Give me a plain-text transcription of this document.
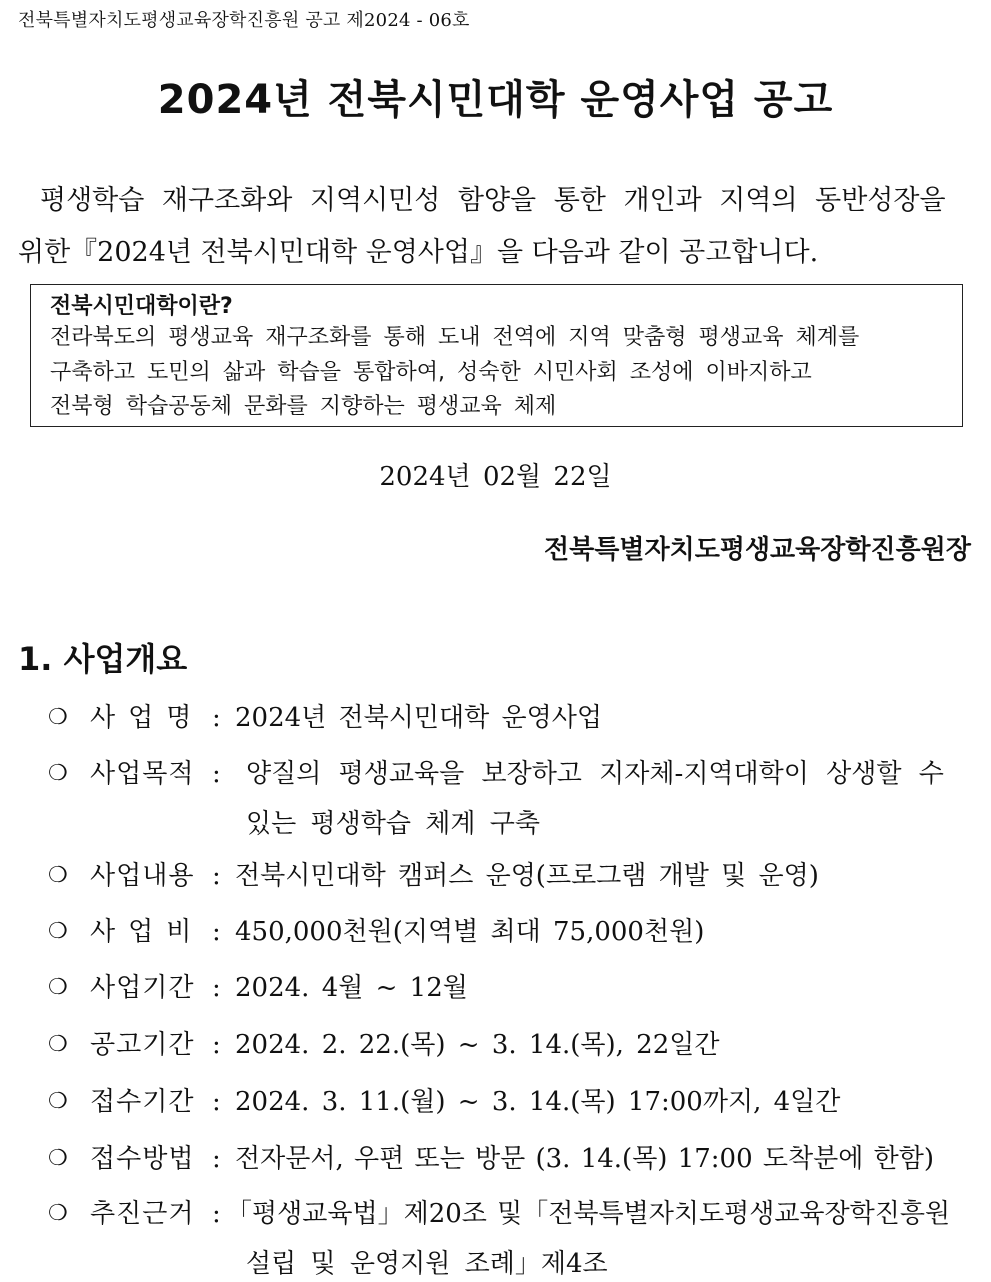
전북특별자치도평생교육장학진흥원 공고 제2024 - 06호
2024년 전북시민대학 운영사업 공고
평생학습 재구조화와 지역시민성 함양을 통한 개인과 지역의 동반성장을
위한『2024년 전북시민대학 운영사업』을 다음과 같이 공고합니다.
전북시민대학이란?
전라북도의 평생교육 재구조화를 통해 도내 전역에 지역 맞춤형 평생교육 체계를
구축하고 도민의 삶과 학습을 통합하여, 성숙한 시민사회 조성에 이바지하고
전북형 학습공동체 문화를 지향하는 평생교육 체제
2024년 02월 22일
전북특별자치도평생교육장학진흥원장
1. 사업개요
❍ 사업명 : 2024년 전북시민대학 운영사업
❍ 사업목적 : 양질의 평생교육을 보장하고 지자체-지역대학이 상생할 수
있는 평생학습 체계 구축
❍ 사업내용 : 전북시민대학 캠퍼스 운영(프로그램 개발 및 운영)
❍ 사업비 : 450,000천원(지역별 최대 75,000천원)
❍ 사업기간 : 2024. 4월 ~ 12월
❍ 공고기간 : 2024. 2. 22.(목) ~ 3. 14.(목), 22일간
❍ 접수기간 : 2024. 3. 11.(월) ~ 3. 14.(목) 17:00까지, 4일간
❍ 접수방법 : 전자문서, 우편 또는 방문 (3. 14.(목) 17:00 도착분에 한함)
❍ 추진근거 : 「평생교육법」제20조 및「전북특별자치도평생교육장학진흥원
설립 및 운영지원 조례」제4조
